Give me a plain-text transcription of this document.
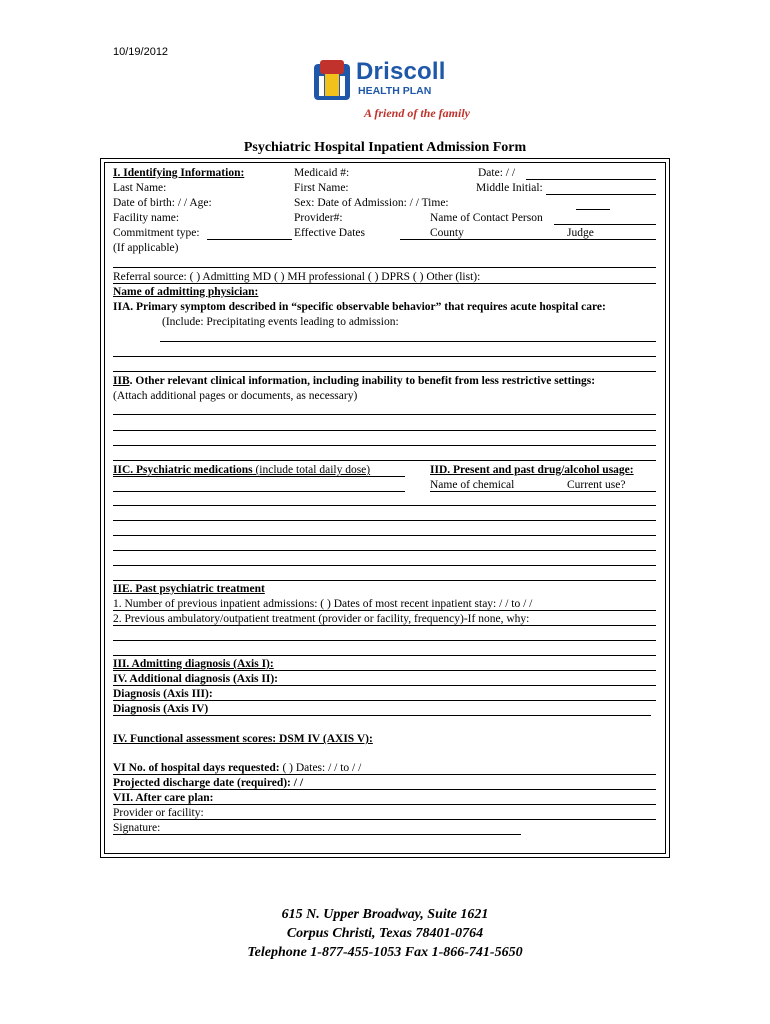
10/19/2012
Driscoll
HEALTH PLAN
A friend of the family
Psychiatric Hospital Inpatient Admission Form
I. Identifying Information:	Medicaid #:	Date: / /
Last Name:	First Name:	Middle Initial:
Date of birth: / / Age:	Sex: Date of Admission: / / Time:
Facility name:	Provider#:	Name of Contact Person
Commitment type:	Effective Dates	County	Judge
(If applicable)
Referral source: ( ) Admitting MD ( ) MH professional ( ) DPRS ( ) Other (list):
Name of admitting physician:
IIA. Primary symptom described in “specific observable behavior” that requires acute hospital care:
(Include: Precipitating events leading to admission:
IIB. Other relevant clinical information, including inability to benefit from less restrictive settings:
(Attach additional pages or documents, as necessary)
IIC. Psychiatric medications (include total daily dose)	IID. Present and past drug/alcohol usage:
Name of chemical	Current use?
IIE. Past psychiatric treatment
1. Number of previous inpatient admissions: ( ) Dates of most recent inpatient stay: / / to / /
2. Previous ambulatory/outpatient treatment (provider or facility, frequency)-If none, why:
III. Admitting diagnosis (Axis I):
IV. Additional diagnosis (Axis II):
Diagnosis (Axis III):
Diagnosis (Axis IV)
IV. Functional assessment scores: DSM IV (AXIS V):
VI No. of hospital days requested: ( ) Dates: / / to / /
Projected discharge date (required): / /
VII. After care plan:
Provider or facility:
Signature:
615 N. Upper Broadway, Suite 1621
Corpus Christi, Texas 78401-0764
Telephone 1-877-455-1053 Fax 1-866-741-5650
